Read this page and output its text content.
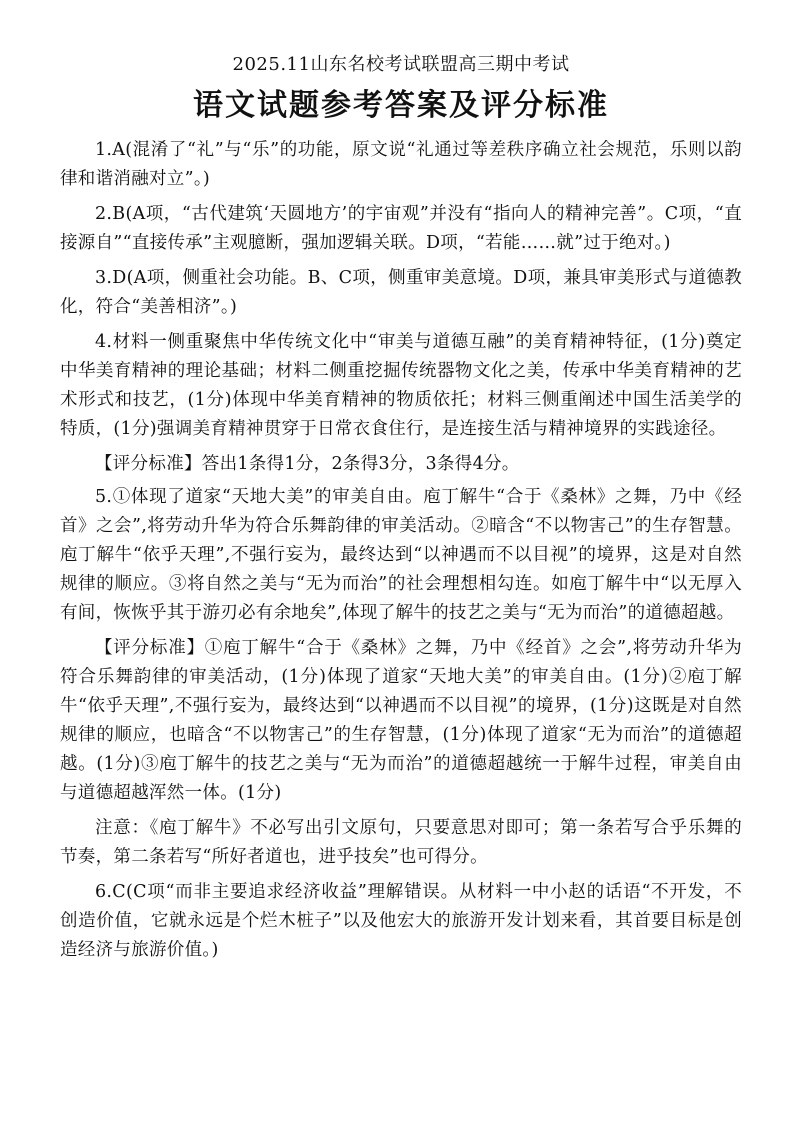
2025.11山东名校考试联盟高三期中考试
语文试题参考答案及评分标准

1.A(混淆了“礼”与“乐”的功能，原文说“礼通过等差秩序确立社会规范，乐则以韵律和谐消融对立”。)

2.B(A项，“古代建筑‘天圆地方’的宇宙观”并没有“指向人的精神完善”。C项，“直接源自”“直接传承”主观臆断，强加逻辑关联。D项，“若能……就”过于绝对。)

3.D(A项，侧重社会功能。B、C项，侧重审美意境。D项，兼具审美形式与道德教化，符合“美善相济”。)

4.材料一侧重聚焦中华传统文化中“审美与道德互融”的美育精神特征，(1分)奠定中华美育精神的理论基础；材料二侧重挖掘传统器物文化之美，传承中华美育精神的艺术形式和技艺，(1分)体现中华美育精神的物质依托；材料三侧重阐述中国生活美学的特质，(1分)强调美育精神贯穿于日常衣食住行，是连接生活与精神境界的实践途径。

【评分标准】答出1条得1分，2条得3分，3条得4分。

5.①体现了道家“天地大美”的审美自由。庖丁解牛“合于《桑林》之舞，乃中《经首》之会”,将劳动升华为符合乐舞韵律的审美活动。②暗含“不以物害己”的生存智慧。庖丁解牛“依乎天理”,不强行妄为，最终达到“以神遇而不以目视”的境界，这是对自然规律的顺应。③将自然之美与“无为而治”的社会理想相勾连。如庖丁解牛中“以无厚入有间，恢恢乎其于游刃必有余地矣”,体现了解牛的技艺之美与“无为而治”的道德超越。

【评分标准】①庖丁解牛“合于《桑林》之舞，乃中《经首》之会”,将劳动升华为符合乐舞韵律的审美活动，(1分)体现了道家“天地大美”的审美自由。(1分)②庖丁解牛“依乎天理”,不强行妄为，最终达到“以神遇而不以目视”的境界，(1分)这既是对自然规律的顺应，也暗含“不以物害己”的生存智慧，(1分)体现了道家“无为而治”的道德超越。(1分)③庖丁解牛的技艺之美与“无为而治”的道德超越统一于解牛过程，审美自由与道德超越浑然一体。(1分)

注意：《庖丁解牛》不必写出引文原句，只要意思对即可；第一条若写合乎乐舞的节奏，第二条若写“所好者道也，进乎技矣”也可得分。

6.C(C项“而非主要追求经济收益”理解错误。从材料一中小赵的话语“不开发，不创造价值，它就永远是个烂木桩子”以及他宏大的旅游开发计划来看，其首要目标是创造经济与旅游价值。)
